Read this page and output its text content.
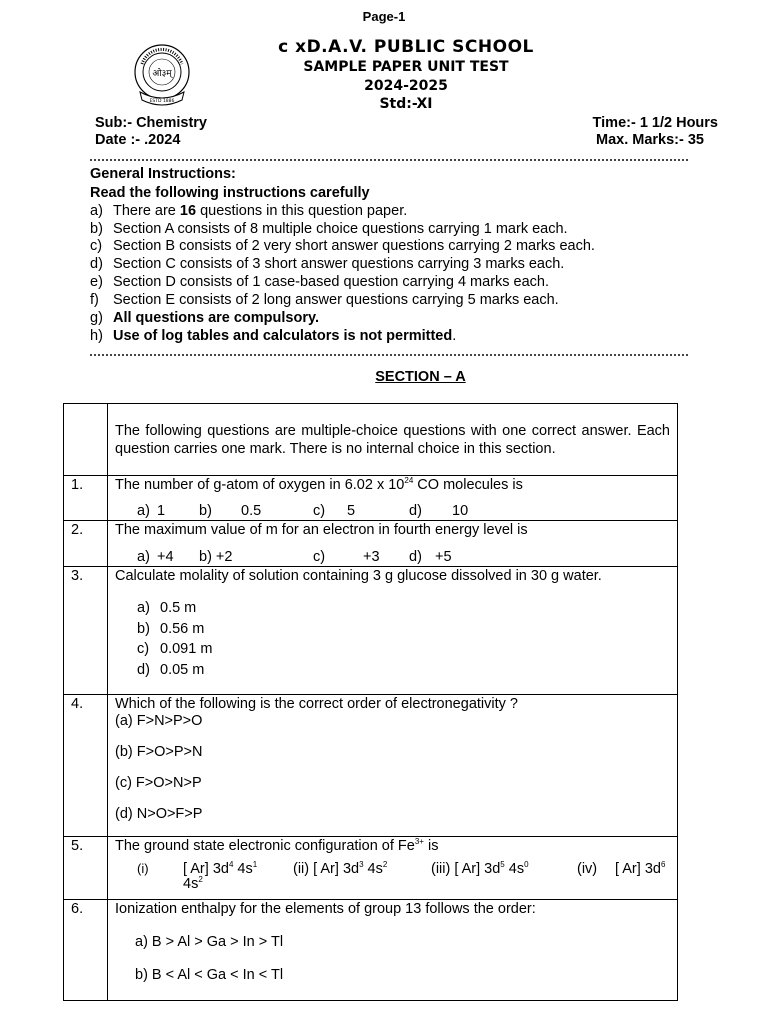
Page-1
ओ३म्
ESTD 1886
c xD.A.V. PUBLIC SCHOOL
SAMPLE PAPER UNIT TEST
2024-2025
Std:-XI
Sub:- Chemistry
Date :- .2024
Time:- 1 1/2 Hours
Max. Marks:- 35
General Instructions:
Read the following instructions carefully
a) There are 16 questions in this question paper.
b) Section A consists of 8 multiple choice questions carrying 1 mark each.
c) Section B consists of 2 very short answer questions carrying 2 marks each.
d) Section C consists of 3 short answer questions carrying 3 marks each.
e) Section D consists of 1 case-based question carrying 4 marks each.
f) Section E consists of 2 long answer questions carrying 5 marks each.
g) All questions are compulsory.
h) Use of log tables and calculators is not permitted.
SECTION – A

	The following questions are multiple-choice questions with one correct answer. Each question carries one mark. There is no internal choice in this section.

1.	The number of g-atom of oxygen in 6.02 x $10^{24}$ CO molecules is
a) 1 b) 0.5 c) 5 d) 10

2.	The maximum value of m for an electron in fourth energy level is
a) +4 b) +2 c) +3 d) +5

3.	Calculate molality of solution containing 3 g glucose dissolved in 30 g water.
a) 0.5 m
b) 0.56 m
c) 0.091 m
d) 0.05 m

4.	Which of the following is the correct order of electronegativity ?
(a) F>N>P>O
(b) F>O>P>N
(c) F>O>N>P
(d) N>O>F>P

5.	The ground state electronic configuration of $Fe^{3+}$ is
(i) [ Ar] $3d^4$ $4s^1$ (ii) [ Ar] $3d^3$ $4s^2$ (iii) [ Ar] $3d^5$ $4s^0$ (iv) [ Ar] $3d^6$
$4s^2$

6.	Ionization enthalpy for the elements of group 13 follows the order:
a) B > Al > Ga > In > Tl
b) B < Al < Ga < In < Tl
